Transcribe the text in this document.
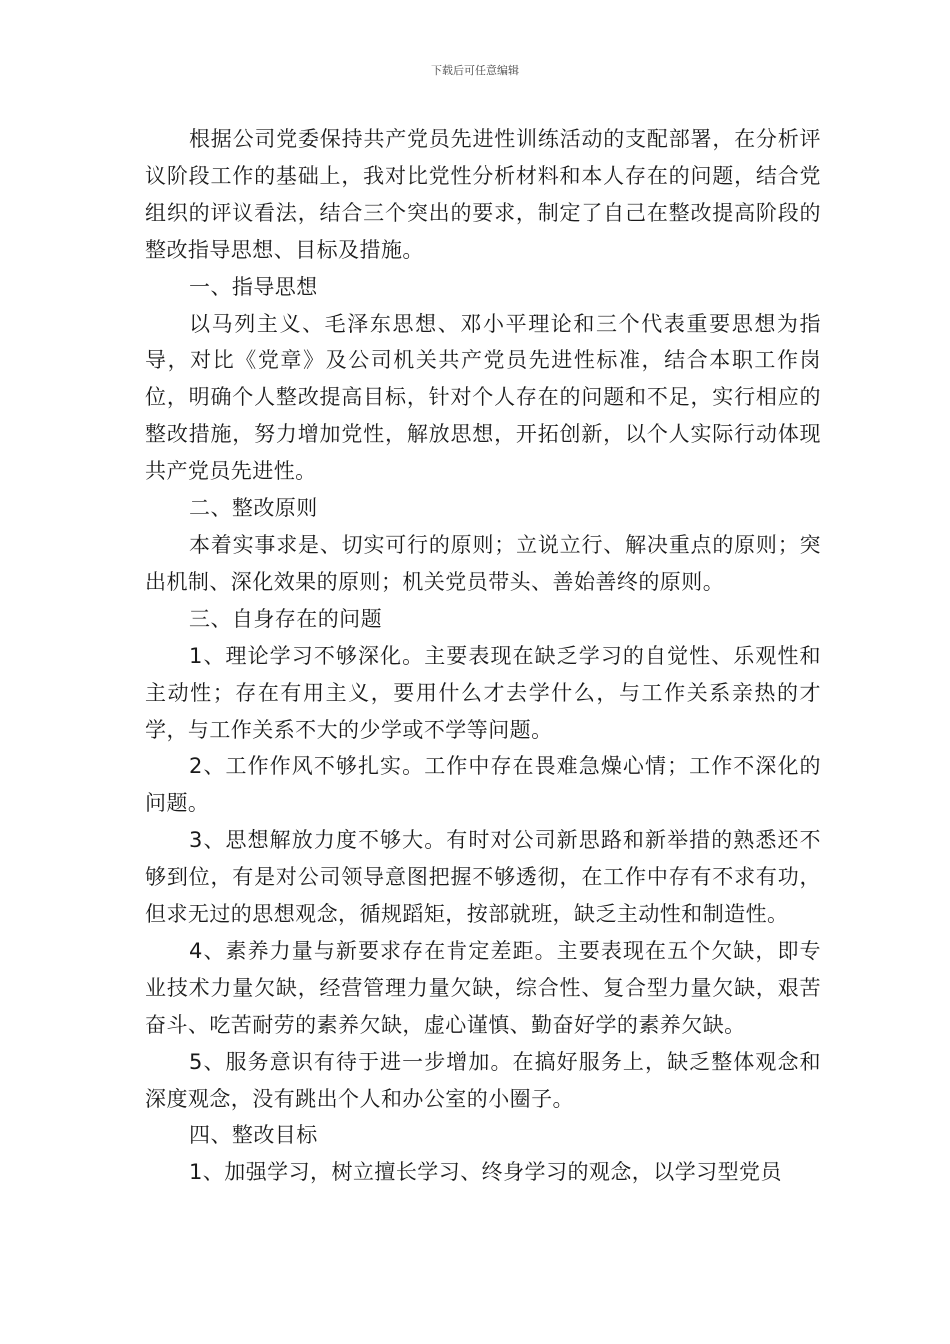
下载后可任意编辑

根据公司党委保持共产党员先进性训练活动的支配部署，在分析评议阶段工作的基础上，我对比党性分析材料和本人存在的问题，结合党组织的评议看法，结合三个突出的要求，制定了自己在整改提高阶段的整改指导思想、目标及措施。

一、指导思想

以马列主义、毛泽东思想、邓小平理论和三个代表重要思想为指导，对比《党章》及公司机关共产党员先进性标准，结合本职工作岗位，明确个人整改提高目标，针对个人存在的问题和不足，实行相应的整改措施，努力增加党性，解放思想，开拓创新，以个人实际行动体现共产党员先进性。

二、整改原则

本着实事求是、切实可行的原则；立说立行、解决重点的原则；突出机制、深化效果的原则；机关党员带头、善始善终的原则。

三、自身存在的问题

1、理论学习不够深化。主要表现在缺乏学习的自觉性、乐观性和主动性；存在有用主义，要用什么才去学什么，与工作关系亲热的才学，与工作关系不大的少学或不学等问题。

2、工作作风不够扎实。工作中存在畏难急燥心情；工作不深化的问题。

3、思想解放力度不够大。有时对公司新思路和新举措的熟悉还不够到位，有是对公司领导意图把握不够透彻，在工作中存有不求有功，但求无过的思想观念，循规蹈矩，按部就班，缺乏主动性和制造性。

4、素养力量与新要求存在肯定差距。主要表现在五个欠缺，即专业技术力量欠缺，经营管理力量欠缺，综合性、复合型力量欠缺，艰苦奋斗、吃苦耐劳的素养欠缺，虚心谨慎、勤奋好学的素养欠缺。

5、服务意识有待于进一步增加。在搞好服务上，缺乏整体观念和深度观念，没有跳出个人和办公室的小圈子。

四、整改目标

1、加强学习，树立擅长学习、终身学习的观念，以学习型党员
